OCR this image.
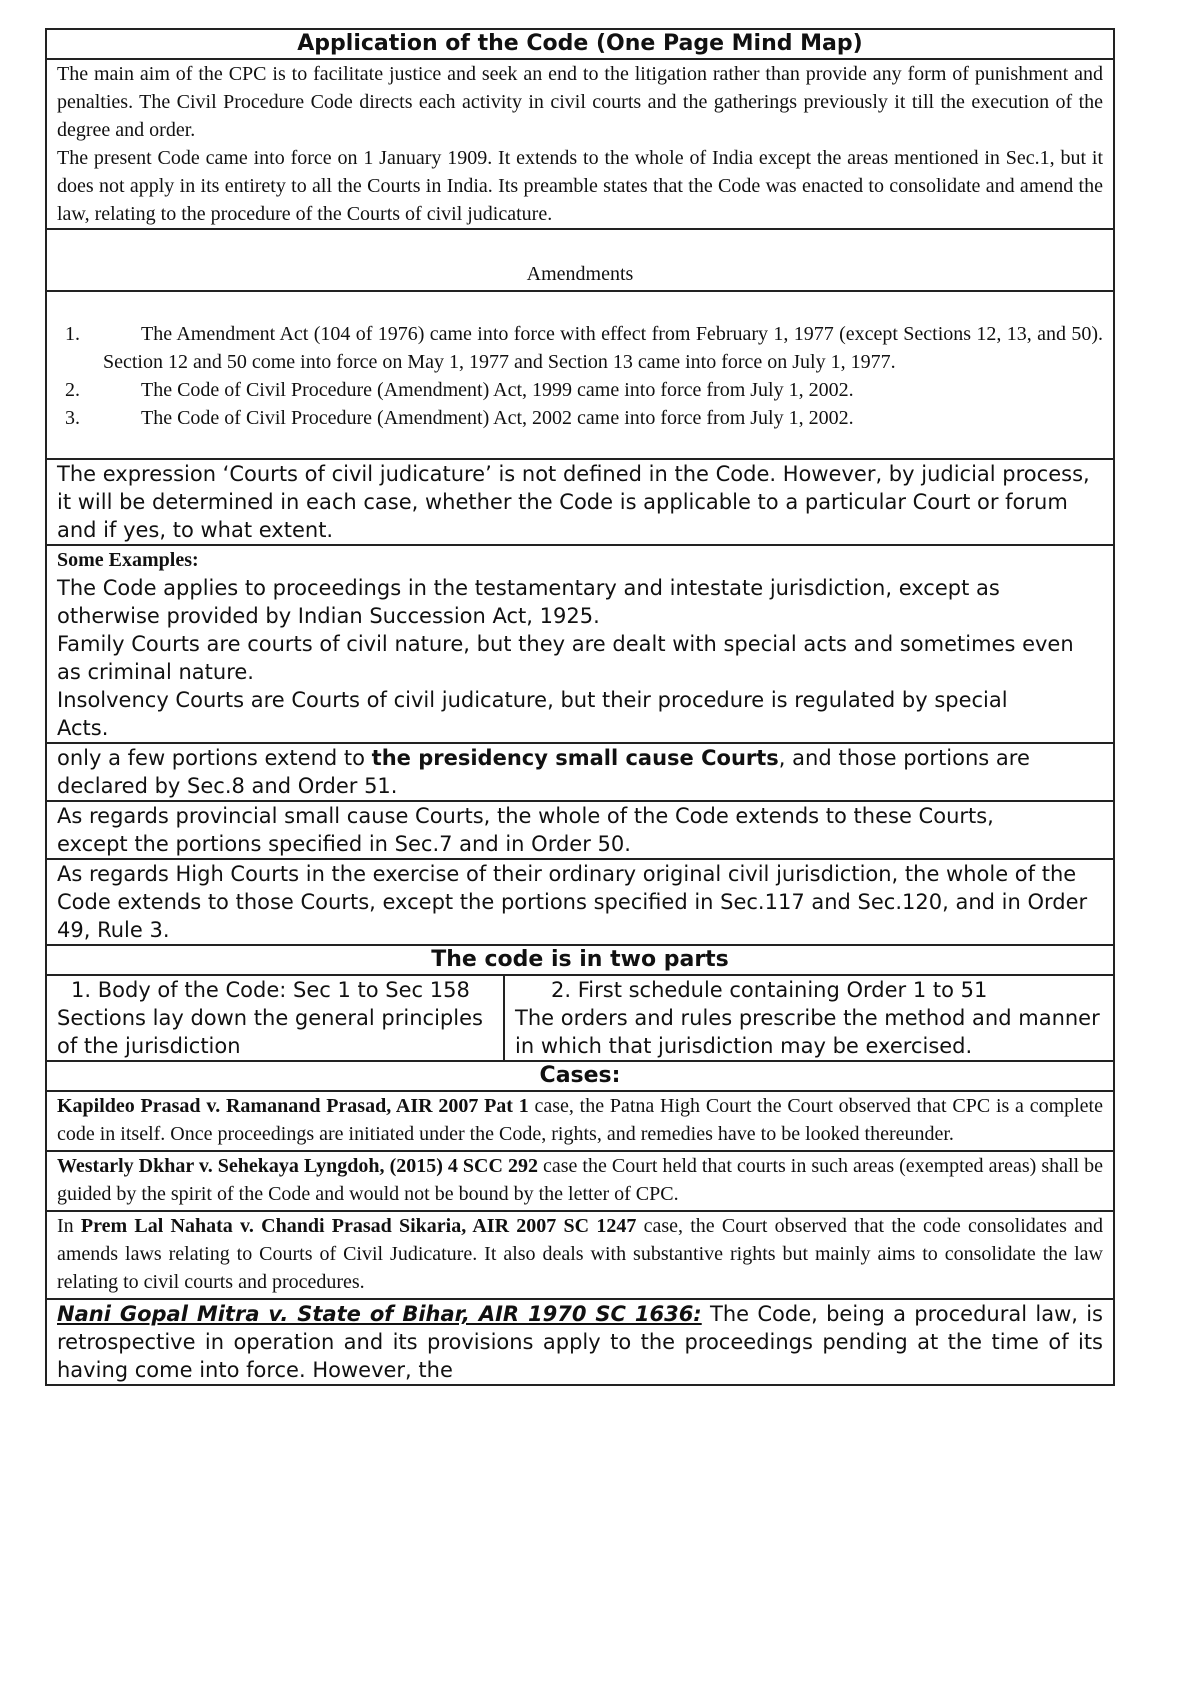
Application of the Code (One Page Mind Map)

The main aim of the CPC is to facilitate justice and seek an end to the litigation rather than provide any form of punishment and penalties. The Civil Procedure Code directs each activity in civil courts and the gatherings previously it till the execution of the degree and order.
The present Code came into force on 1 January 1909. It extends to the whole of India except the areas mentioned in Sec.1, but it does not apply in its entirety to all the Courts in India. Its preamble states that the Code was enacted to consolidate and amend the law, relating to the procedure of the Courts of civil judicature.

Amendments

1.	The Amendment Act (104 of 1976) came into force with effect from February 1, 1977 (except Sections 12, 13, and 50). Section 12 and 50 come into force on May 1, 1977 and Section 13 came into force on July 1, 1977.
2.	The Code of Civil Procedure (Amendment) Act, 1999 came into force from July 1, 2002.
3.	The Code of Civil Procedure (Amendment) Act, 2002 came into force from July 1, 2002.

The expression ‘Courts of civil judicature’ is not defined in the Code. However, by judicial process, it will be determined in each case, whether the Code is applicable to a particular Court or forum and if yes, to what extent.

Some Examples:
The Code applies to proceedings in the testamentary and intestate jurisdiction, except as otherwise provided by Indian Succession Act, 1925.
Family Courts are courts of civil nature, but they are dealt with special acts and sometimes even as criminal nature.
Insolvency Courts are Courts of civil judicature, but their procedure is regulated by special
Acts.

only a few portions extend to the presidency small cause Courts, and those portions are declared by Sec.8 and Order 51.

As regards provincial small cause Courts, the whole of the Code extends to these Courts,
except the portions specified in Sec.7 and in Order 50.

As regards High Courts in the exercise of their ordinary original civil jurisdiction, the whole of the Code extends to those Courts, except the portions specified in Sec.117 and Sec.120, and in Order 49, Rule 3.
The code is in two parts

1. Body of the Code: Sec 1 to Sec 158
Sections lay down the general principles of the jurisdiction

2. First schedule containing Order 1 to 51
The orders and rules prescribe the method and manner in which that jurisdiction may be exercised.

Cases:
Kapildeo Prasad v. Ramanand Prasad, AIR 2007 Pat 1 case, the Patna High Court the Court observed that CPC is a complete code in itself. Once proceedings are initiated under the Code, rights, and remedies have to be looked thereunder.
Westarly Dkhar v. Sehekaya Lyngdoh, (2015) 4 SCC 292 case the Court held that courts in such areas (exempted areas) shall be guided by the spirit of the Code and would not be bound by the letter of CPC.
In Prem Lal Nahata v. Chandi Prasad Sikaria, AIR 2007 SC 1247 case, the Court observed that the code consolidates and amends laws relating to Courts of Civil Judicature. It also deals with substantive rights but mainly aims to consolidate the law relating to civil courts and procedures.

Nani Gopal Mitra v. State of Bihar, AIR 1970 SC 1636: The Code, being a procedural law, is retrospective in operation and its provisions apply to the proceedings pending at the time of its having come into force. However, the
